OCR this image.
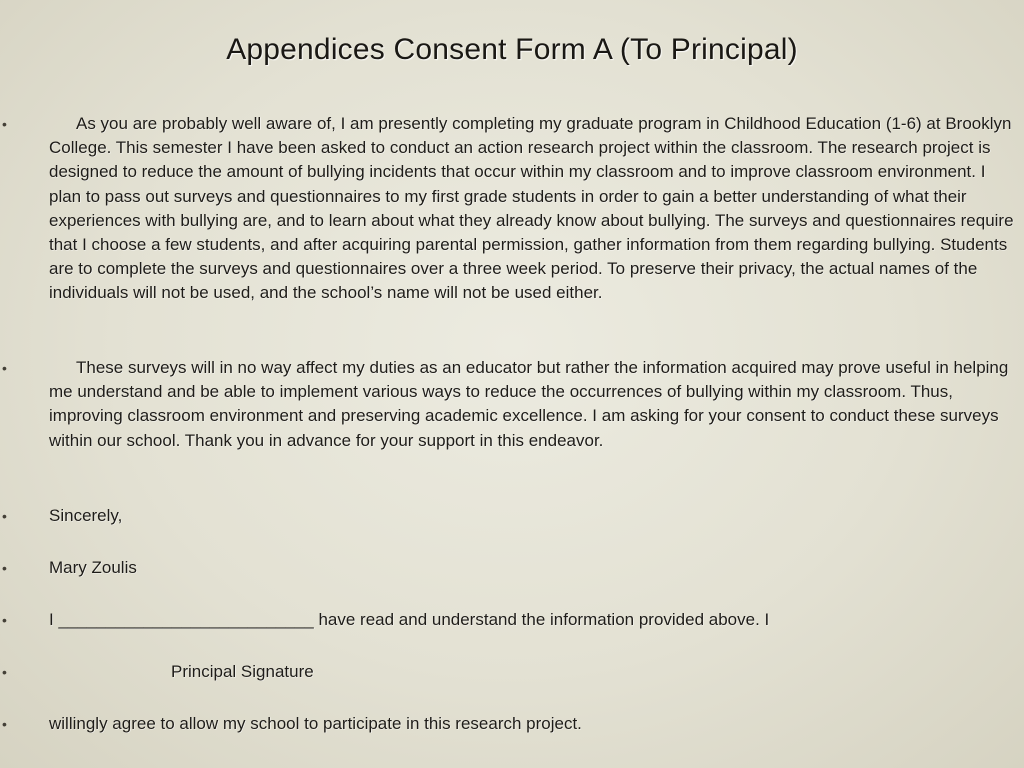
Appendices Consent Form A (To Principal)
•	As you are probably well aware of, I am presently completing my graduate program in Childhood Education (1-6) at Brooklyn College. This semester I have been asked to conduct an action research project within the classroom. The research project is designed to reduce the amount of bullying incidents that occur within my classroom and to improve classroom environment. I plan to pass out surveys and questionnaires to my first grade students in order to gain a better understanding of what their experiences with bullying are, and to learn about what they already know about bullying. The surveys and questionnaires require that I choose a few students, and after acquiring parental permission, gather information from them regarding bullying. Students are to complete the surveys and questionnaires over a three week period. To preserve their privacy, the actual names of the individuals will not be used, and the school’s name will not be used either.
•	These surveys will in no way affect my duties as an educator but rather the information acquired may prove useful in helping me understand and be able to implement various ways to reduce the occurrences of bullying within my classroom. Thus, improving classroom environment and preserving academic excellence. I am asking for your consent to conduct these surveys within our school. Thank you in advance for your support in this endeavor.
• Sincerely,
• Mary Zoulis
• I ___________________________ have read and understand the information provided above. I
•	Principal Signature
• willingly agree to allow my school to participate in this research project.
